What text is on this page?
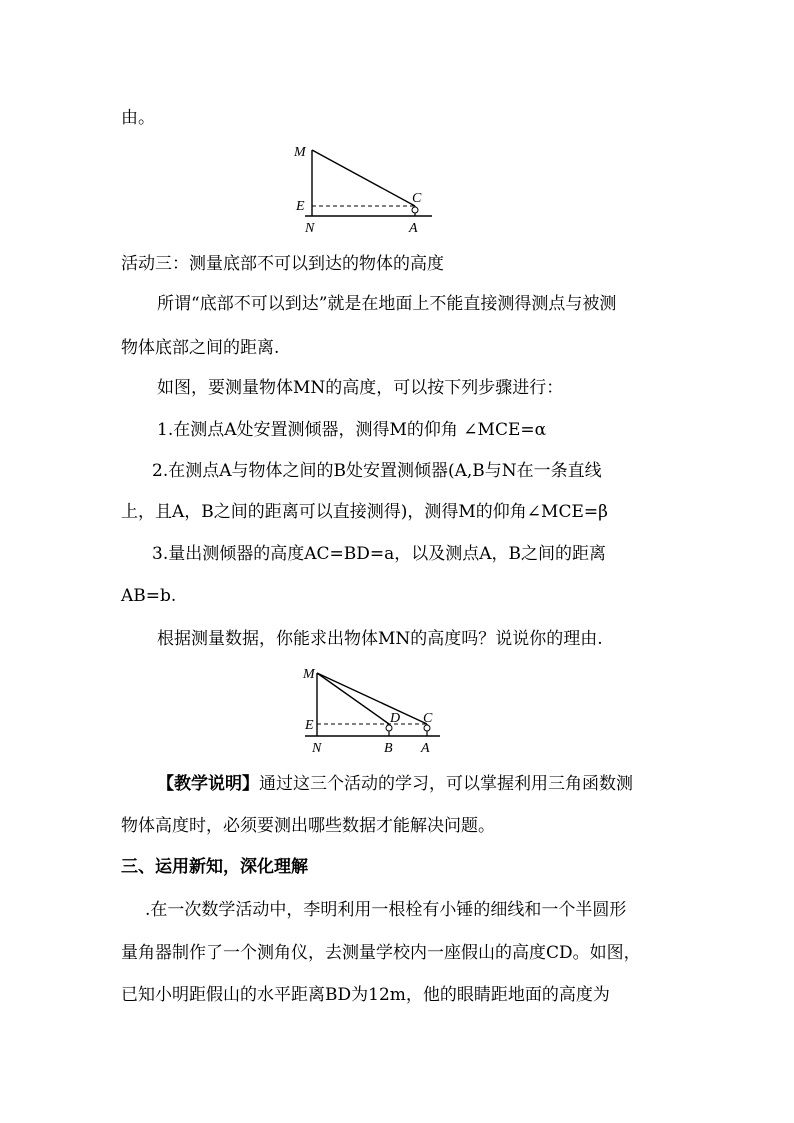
由。
M
E
C
N	A
活动三：测量底部不可以到达的物体的高度
所谓“底部不可以到达”就是在地面上不能直接测得测点与被测
物体底部之间的距离.
如图，要测量物体MN的高度，可以按下列步骤进行：
1.在测点A处安置测倾器，测得M的仰角 ∠MCE=α
2.在测点A与物体之间的B处安置测倾器(A,B与N在一条直线
上，且A，B之间的距离可以直接测得)，测得M的仰角∠MCE=β
3.量出测倾器的高度AC=BD=a，以及测点A，B之间的距离
AB=b.
根据测量数据，你能求出物体MN的高度吗？说说你的理由.
M
E	D C
N	B A
【教学说明】通过这三个活动的学习，可以掌握利用三角函数测
物体高度时，必须要测出哪些数据才能解决问题。
三、运用新知，深化理解
.在一次数学活动中，李明利用一根栓有小锤的细线和一个半圆形
量角器制作了一个测角仪，去测量学校内一座假山的高度CD。如图，
已知小明距假山的水平距离BD为12m，他的眼睛距地面的高度为
